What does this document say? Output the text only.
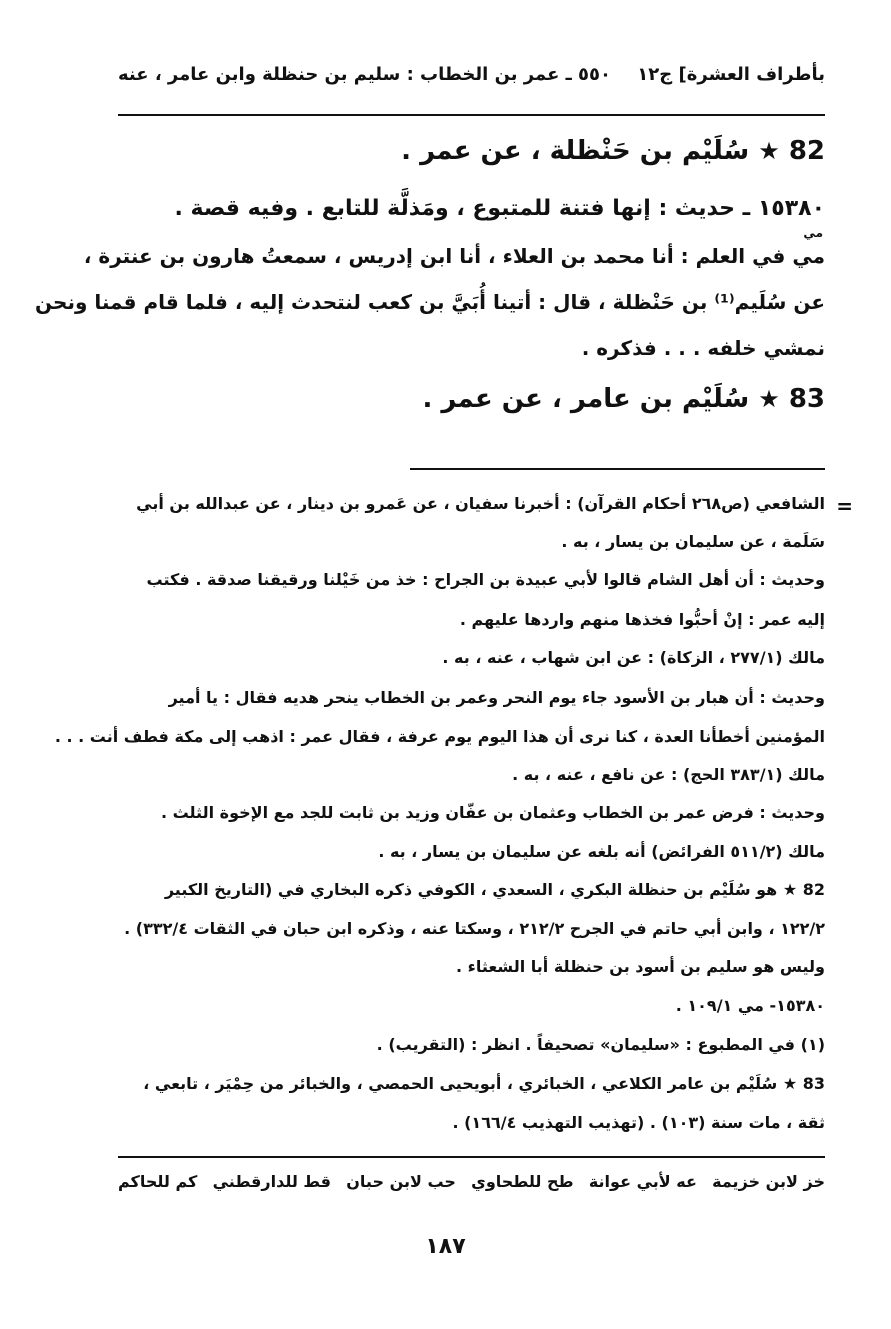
بأطراف العشرة] ج١٢
٥٥٠ ـ عمر بن الخطاب : سليم بن حنظلة وابن عامر ، عنه
82 ★ سُلَيْم بن حَنْظلة ، عن عمر .
١٥٣٨٠ ـ حديث : إنها فتنة للمتبوع ، ومَذلَّة للتابع . وفيه قصة .
مي
مي في العلم : أنا محمد بن العلاء ، أنا ابن إدريس ، سمعتُ هارون بن عنترة ،
عن سُلَيم⁽¹⁾ بن حَنْظلة ، قال : أتينا أُبَيَّ بن كعب لنتحدث إليه ، فلما قام قمنا ونحن
نمشي خلفه . . . فذكره .
83 ★ سُلَيْم بن عامر ، عن عمر .
=
الشافعي (ص٢٦٨ أحكام القرآن) : أخبرنا سفيان ، عن عَمرو بن دينار ، عن عبدالله بن أبي
سَلَمة ، عن سليمان بن يسار ، به .
وحديث : أن أهل الشام قالوا لأبي عبيدة بن الجراح : خذ من خَيْلنا ورقيقنا صدقة . فكتب
إليه عمر : إنْ أحبُّوا فخذها منهم واردها عليهم .
مالك (٢٧٧/١ ، الزكاة) : عن ابن شهاب ، عنه ، به .
وحديث : أن هبار بن الأسود جاء يوم النحر وعمر بن الخطاب ينحر هديه فقال : يا أمير
المؤمنين أخطأنا العدة ، كنا نرى أن هذا اليوم يوم عرفة ، فقال عمر : اذهب إلى مكة فطف أنت . . .
مالك (٣٨٣/١ الحج) : عن نافع ، عنه ، به .
وحديث : فرض عمر بن الخطاب وعثمان بن عفّان وزيد بن ثابت للجد مع الإخوة الثلث .
مالك (٥١١/٢ الفرائض) أنه بلغه عن سليمان بن يسار ، به .
82 ★ هو سُلَيْم بن حنظلة البكري ، السعدي ، الكوفي ذكره البخاري في (التاريخ الكبير
١٢٢/٢ ، وابن أبي حاتم في الجرح ٢١٢/٢ ، وسكتا عنه ، وذكره ابن حبان في الثقات ٣٣٢/٤) .
وليس هو سليم بن أسود بن حنظلة أبا الشعثاء .
١٥٣٨٠- مي ١٠٩/١ .
(١) في المطبوع : «سليمان» تصحيفاً . انظر : (التقريب) .
83 ★ سُلَيْم بن عامر الكلاعي ، الخبائري ، أبويحيى الحمصي ، والخبائر من حِمْيَر ، تابعي ،
ثقة ، مات سنة (١٠٣) . (تهذيب التهذيب ١٦٦/٤) .
خز لابن خزيمة
عه لأبي عوانة
طح للطحاوي
حب لابن حبان
قط للدارقطني
كم للحاكم
١٨٧
